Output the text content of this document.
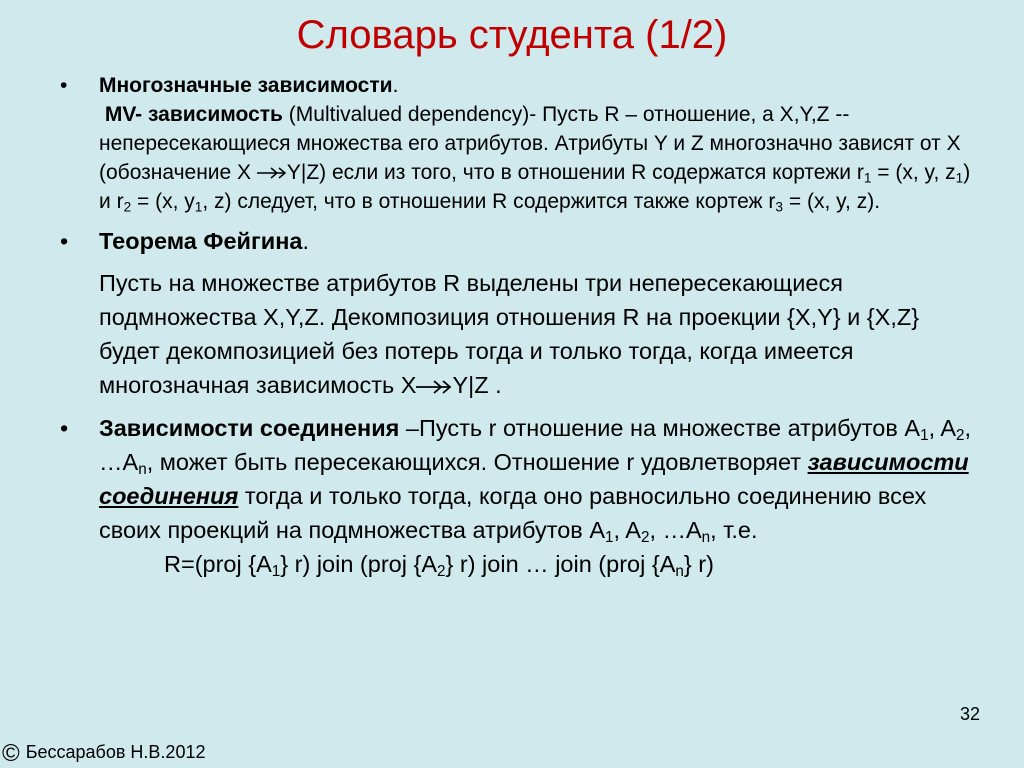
Словарь студента (1/2)
• Многозначные зависимости.
MV- зависимость (Multivalued dependency)- Пусть R – отношение, а X,Y,Z --непересекающиеся множества его атрибутов. Атрибуты Y и Z многозначно зависят от X (обозначение X Y|Z) если из того, что в отношении R содержатся кортежи $r_1 = (x$, y, $z_1$) и $r_2 = (x$, $y_1$, z) следует, что в отношении R содержится также кортеж $r_3 = (x$, y, z).
• Теорема Фейгина.
Пусть на множестве атрибутов R выделены три непересекающиеся подмножества X,Y,Z. Декомпозиция отношения R на проекции {X,Y} и {X,Z} будет декомпозицией без потерь тогда и только тогда, когда имеется многозначная зависимость X Y|Z .
• Зависимости соединения –Пусть r отношение на множестве атрибутов $A_1$, $A_2$, $\dots A_n$, может быть пересекающихся. Отношение r удовлетворяет зависимости соединения тогда и только тогда, когда оно равносильно соединению всех своих проекций на подмножества атрибутов $A_1$, $A_2$, $\dots A_n$, т.е.
R=(proj $\{A_1\}$ r) join (proj $\{A_2\}$ r) join … join (proj $\{A_n\}$ r)
32
© Бессарабов Н.В.2012
